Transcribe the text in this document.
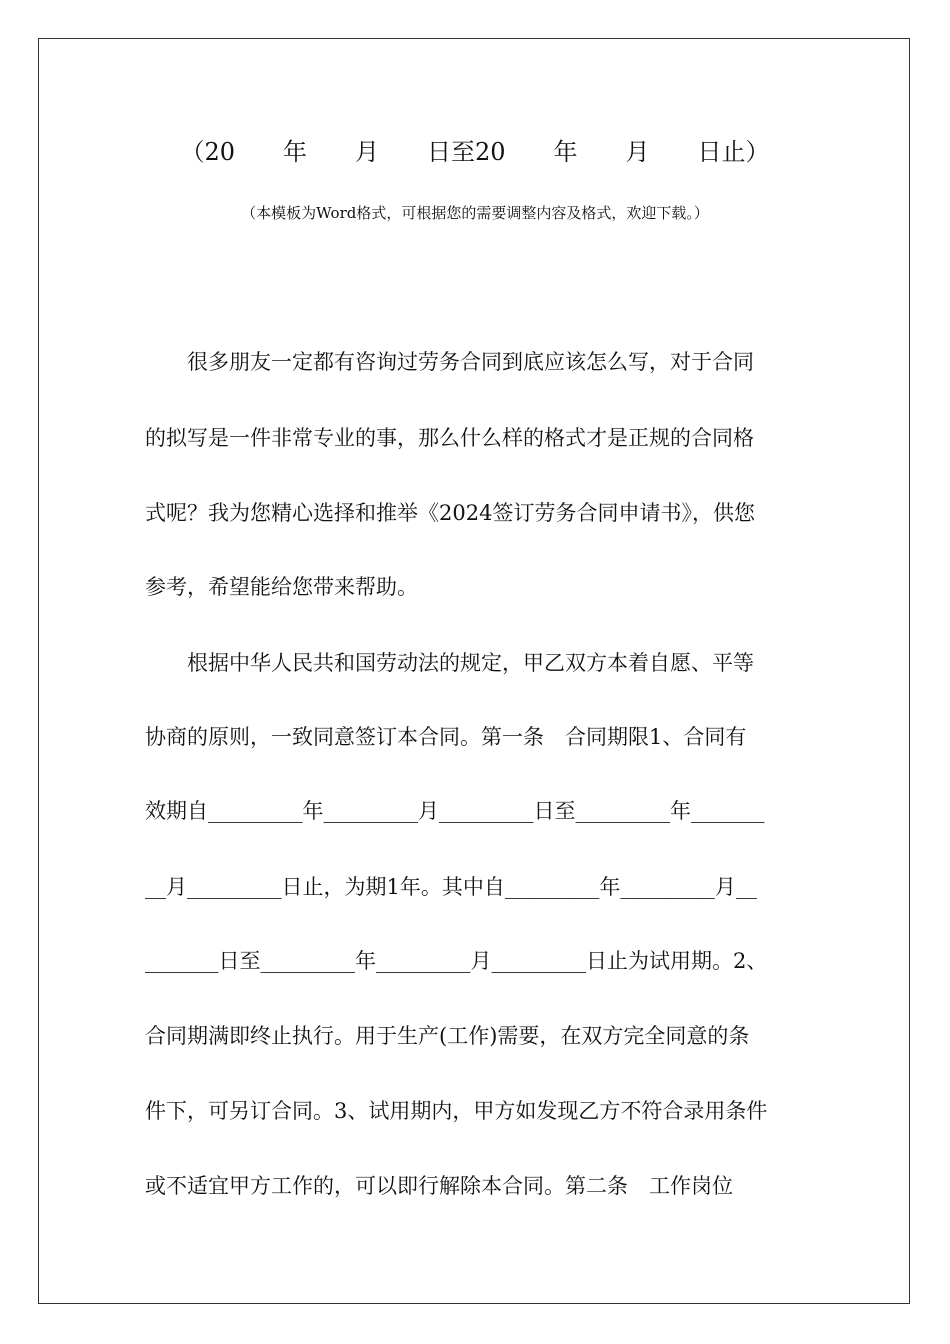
（20　　年　　月　　日至20　　年　　月　　日止）
（本模板为Word格式，可根据您的需要调整内容及格式，欢迎下载。）
　　很多朋友一定都有咨询过劳务合同到底应该怎么写，对于合同
的拟写是一件非常专业的事，那么什么样的格式才是正规的合同格
式呢？我为您精心选择和推举《2024签订劳务合同申请书》，供您
参考，希望能给您带来帮助。
　　根据中华人民共和国劳动法的规定，甲乙双方本着自愿、平等
协商的原则，一致同意签订本合同。第一条　合同期限1、合同有
效期自_________年_________月_________日至_________年_______
__月_________日止，为期1年。其中自_________年_________月__
_______日至_________年_________月_________日止为试用期。2、
合同期满即终止执行。用于生产(工作)需要，在双方完全同意的条
件下，可另订合同。3、试用期内，甲方如发现乙方不符合录用条件
或不适宜甲方工作的，可以即行解除本合同。第二条　工作岗位
